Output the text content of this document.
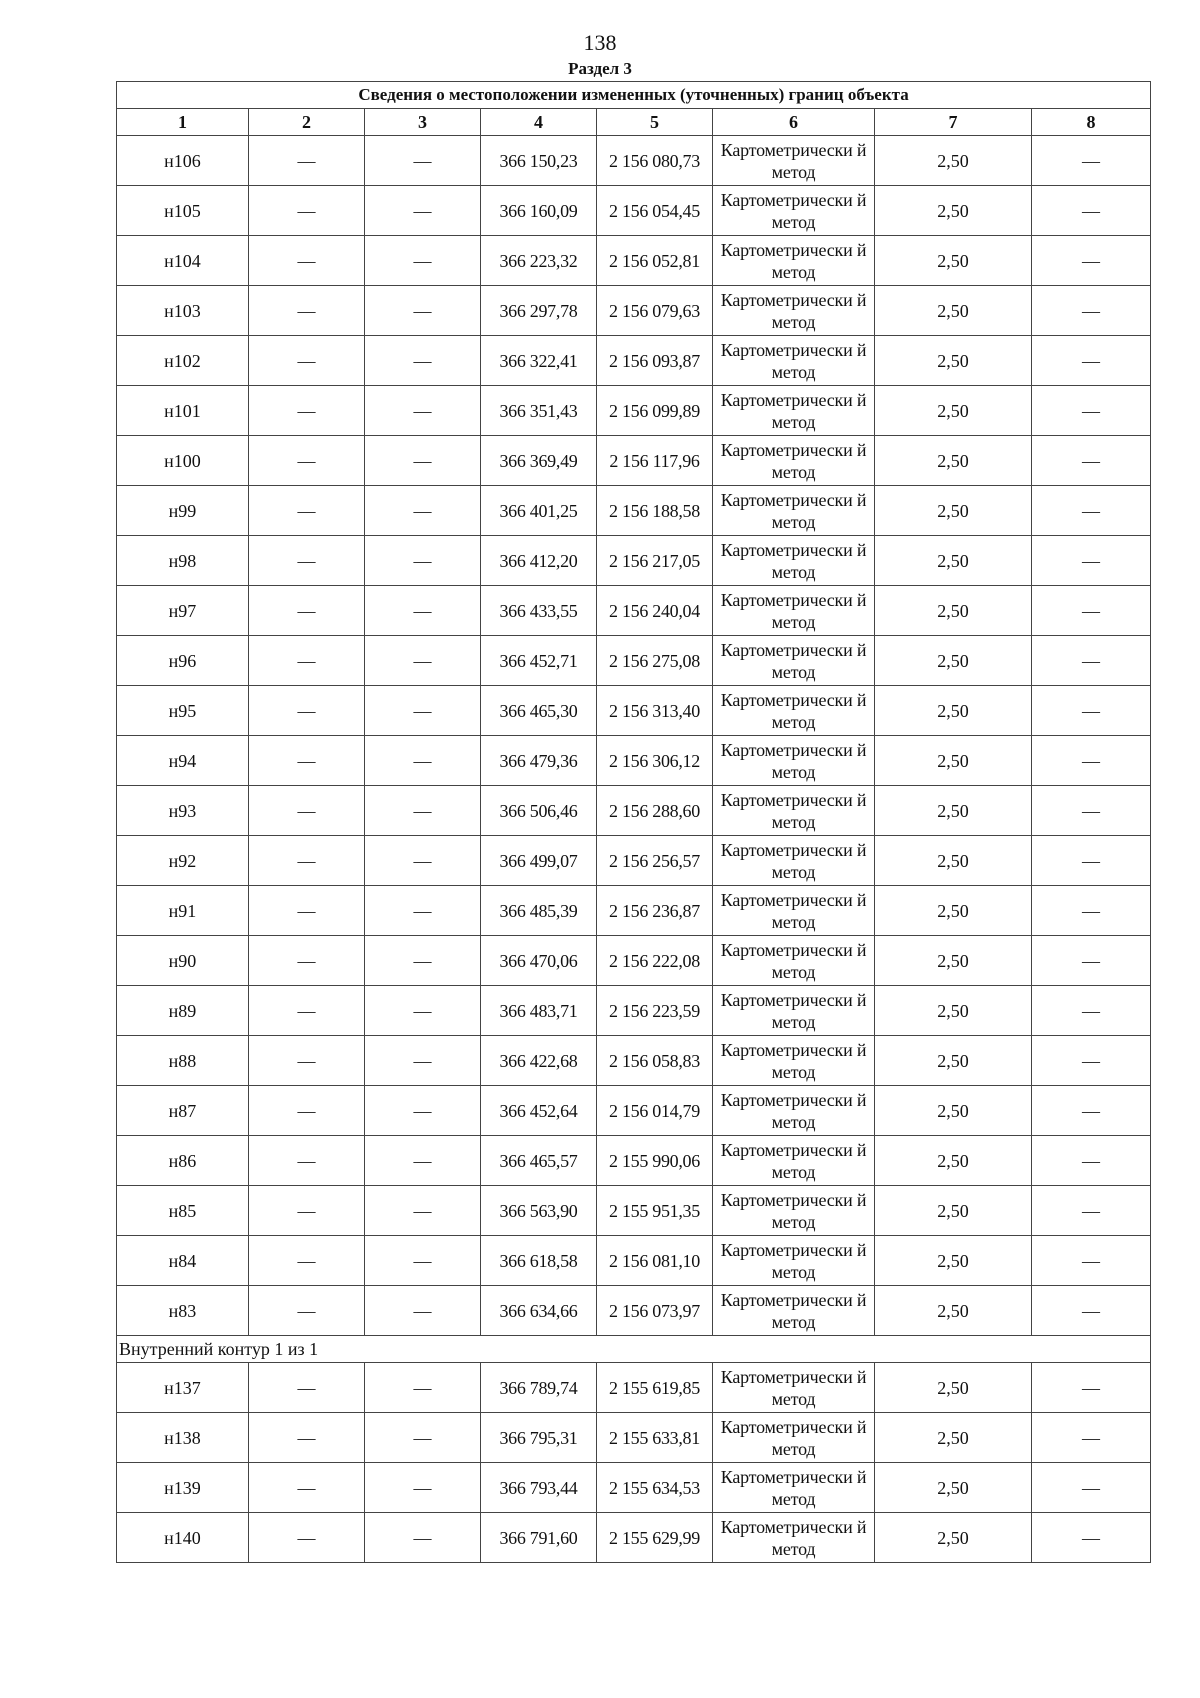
138
Раздел 3
Сведения о местоположении измененных (уточненных) границ объекта							
1	2	3	4	5	6	7	8
н106	—	—	366 150,23	2 156 080,73	Картометрически й метод	2,50	—
н105	—	—	366 160,09	2 156 054,45	Картометрически й метод	2,50	—
н104	—	—	366 223,32	2 156 052,81	Картометрически й метод	2,50	—
н103	—	—	366 297,78	2 156 079,63	Картометрически й метод	2,50	—
н102	—	—	366 322,41	2 156 093,87	Картометрически й метод	2,50	—
н101	—	—	366 351,43	2 156 099,89	Картометрически й метод	2,50	—
н100	—	—	366 369,49	2 156 117,96	Картометрически й метод	2,50	—
н99	—	—	366 401,25	2 156 188,58	Картометрически й метод	2,50	—
н98	—	—	366 412,20	2 156 217,05	Картометрически й метод	2,50	—
н97	—	—	366 433,55	2 156 240,04	Картометрически й метод	2,50	—
н96	—	—	366 452,71	2 156 275,08	Картометрически й метод	2,50	—
н95	—	—	366 465,30	2 156 313,40	Картометрически й метод	2,50	—
н94	—	—	366 479,36	2 156 306,12	Картометрически й метод	2,50	—
н93	—	—	366 506,46	2 156 288,60	Картометрически й метод	2,50	—
н92	—	—	366 499,07	2 156 256,57	Картометрически й метод	2,50	—
н91	—	—	366 485,39	2 156 236,87	Картометрически й метод	2,50	—
н90	—	—	366 470,06	2 156 222,08	Картометрически й метод	2,50	—
н89	—	—	366 483,71	2 156 223,59	Картометрически й метод	2,50	—
н88	—	—	366 422,68	2 156 058,83	Картометрически й метод	2,50	—
н87	—	—	366 452,64	2 156 014,79	Картометрически й метод	2,50	—
н86	—	—	366 465,57	2 155 990,06	Картометрически й метод	2,50	—
н85	—	—	366 563,90	2 155 951,35	Картометрически й метод	2,50	—
н84	—	—	366 618,58	2 156 081,10	Картометрически й метод	2,50	—
н83	—	—	366 634,66	2 156 073,97	Картометрически й метод	2,50	—
Внутренний контур 1 из 1							
н137	—	—	366 789,74	2 155 619,85	Картометрически й метод	2,50	—
н138	—	—	366 795,31	2 155 633,81	Картометрически й метод	2,50	—
н139	—	—	366 793,44	2 155 634,53	Картометрически й метод	2,50	—
н140	—	—	366 791,60	2 155 629,99	Картометрически й метод	2,50	—
